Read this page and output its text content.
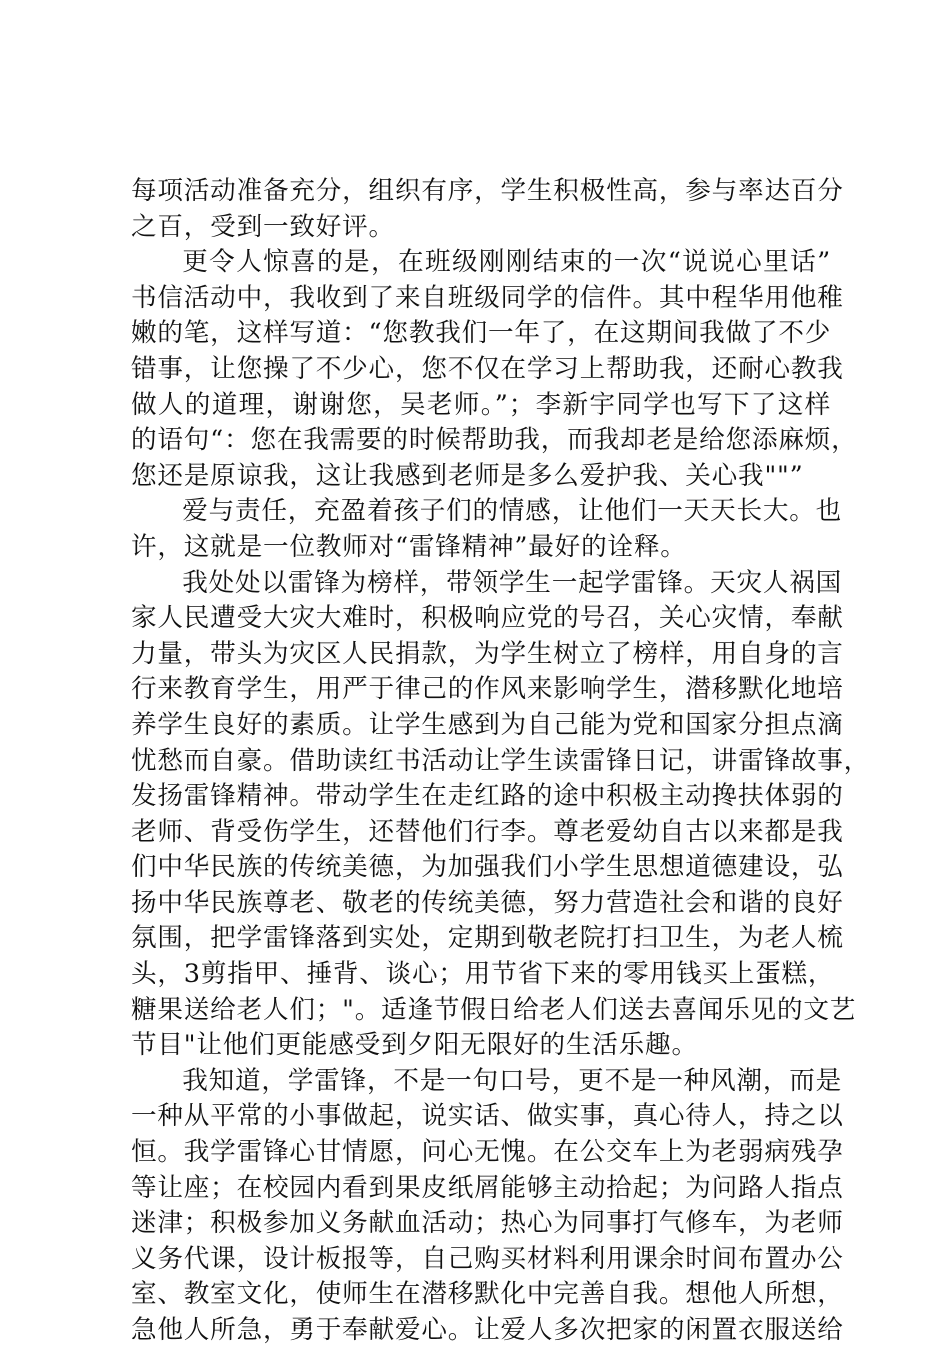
每项活动准备充分，组织有序，学生积极性高，参与率达百分
之百，受到一致好评。
更令人惊喜的是，在班级刚刚结束的一次“说说心里话”
书信活动中，我收到了来自班级同学的信件。其中程华用他稚
嫩的笔，这样写道：“您教我们一年了，在这期间我做了不少
错事，让您操了不少心，您不仅在学习上帮助我，还耐心教我
做人的道理，谢谢您，吴老师。”；李新宇同学也写下了这样
的语句“：您在我需要的时候帮助我，而我却老是给您添麻烦，
您还是原谅我，这让我感到老师是多么爱护我、关心我""”
爱与责任，充盈着孩子们的情感，让他们一天天长大。也
许，这就是一位教师对“雷锋精神”最好的诠释。
我处处以雷锋为榜样，带领学生一起学雷锋。天灾人祸国
家人民遭受大灾大难时，积极响应党的号召，关心灾情，奉献
力量，带头为灾区人民捐款，为学生树立了榜样，用自身的言
行来教育学生，用严于律己的作风来影响学生，潜移默化地培
养学生良好的素质。让学生感到为自己能为党和国家分担点滴
忧愁而自豪。借助读红书活动让学生读雷锋日记，讲雷锋故事，
发扬雷锋精神。带动学生在走红路的途中积极主动搀扶体弱的
老师、背受伤学生，还替他们行李。尊老爱幼自古以来都是我
们中华民族的传统美德，为加强我们小学生思想道德建设，弘
扬中华民族尊老、敬老的传统美德，努力营造社会和谐的良好
氛围，把学雷锋落到实处，定期到敬老院打扫卫生，为老人梳
头，3剪指甲、捶背、谈心；用节省下来的零用钱买上蛋糕，
糖果送给老人们；"。适逢节假日给老人们送去喜闻乐见的文艺
节目"让他们更能感受到夕阳无限好的生活乐趣。
我知道，学雷锋，不是一句口号，更不是一种风潮，而是
一种从平常的小事做起，说实话、做实事，真心待人，持之以
恒。我学雷锋心甘情愿，问心无愧。在公交车上为老弱病残孕
等让座；在校园内看到果皮纸屑能够主动拾起；为问路人指点
迷津；积极参加义务献血活动；热心为同事打气修车，为老师
义务代课，设计板报等，自己购买材料利用课余时间布置办公
室、教室文化，使师生在潜移默化中完善自我。想他人所想，
急他人所急，勇于奉献爱心。让爱人多次把家的闲置衣服送给
